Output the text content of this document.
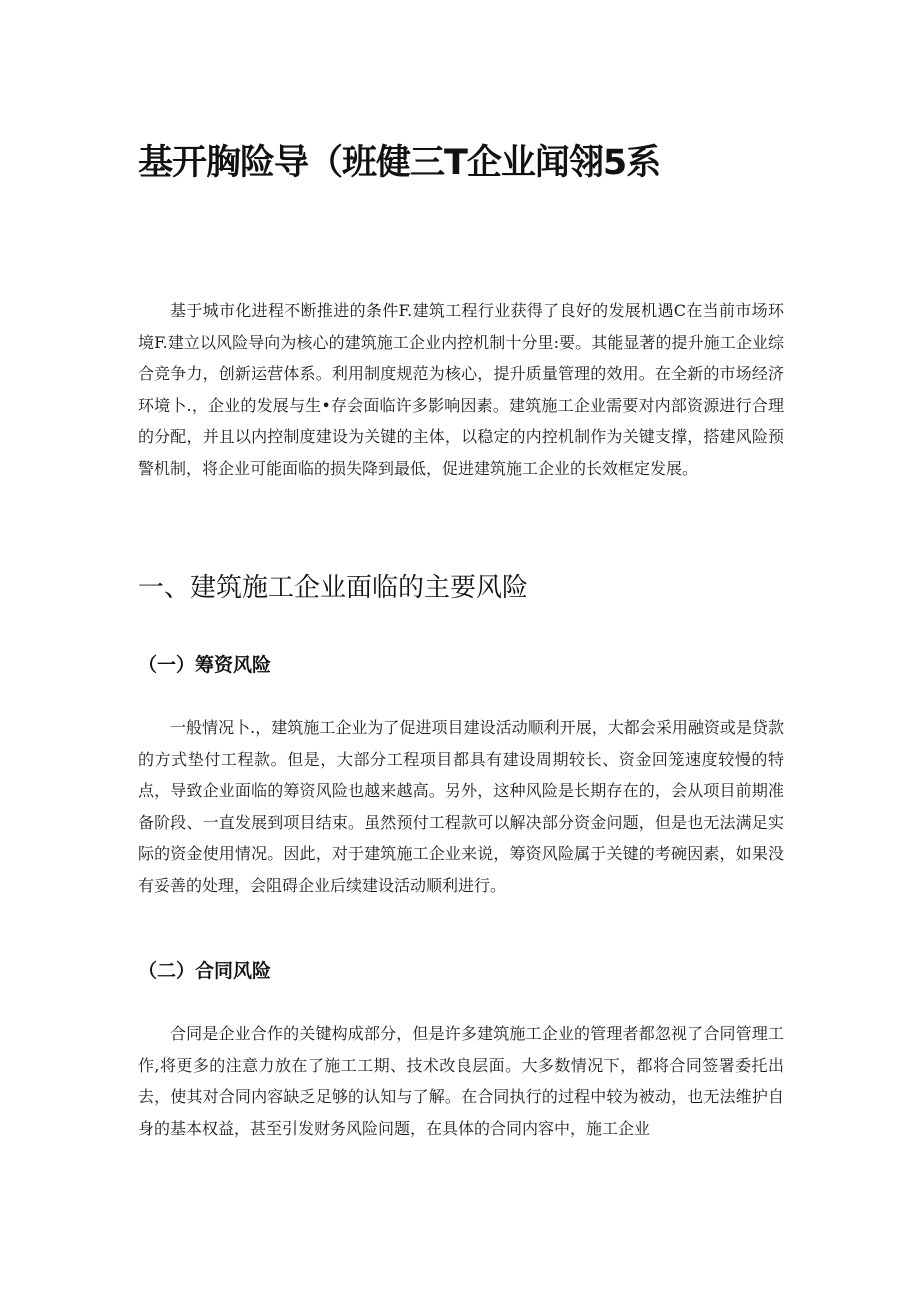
基开胸险导（班健三T企业闻翎5系

基于城市化进程不断推进的条件F.建筑工程行业获得了良好的发展机遇C在当前市场环境F.建立以风险导向为核心的建筑施工企业内控机制十分里:要。其能显著的提升施工企业综合竞争力，创新运营体系。利用制度规范为核心，提升质量管理的效用。在全新的市场经济环境卜.，企业的发展与生•存会面临许多影响因素。建筑施工企业需要对内部资源进行合理的分配，并且以内控制度建设为关键的主体，以稳定的内控机制作为关键支撑，搭建风险预警机制，将企业可能面临的损失降到最低，促进建筑施工企业的长效框定发展。

一、建筑施工企业面临的主要风险
（一）筹资风险

一般情况卜.，建筑施工企业为了促进项目建设活动顺利开展，大都会采用融资或是贷款的方式垫付工程款。但是，大部分工程项目都具有建设周期较长、资金回笼速度较慢的特点，导致企业面临的筹资风险也越来越高。另外，这种风险是长期存在的，会从项目前期准备阶段、一直发展到项目结束。虽然预付工程款可以解决部分资金问题，但是也无法满足实际的资金使用情况。因此，对于建筑施工企业来说，筹资风险属于关键的考碗因素，如果没有妥善的处理，会阻碍企业后续建设活动顺利进行。

（二）合同风险

合同是企业合作的关键构成部分，但是许多建筑施工企业的管理者都忽视了合同管理工作,将更多的注意力放在了施工工期、技术改良层面。大多数情况下，都将合同签署委托出去，使其对合同内容缺乏足够的认知与了解。在合同执行的过程中较为被动，也无法维护自身的基本权益，甚至引发财务风险问题，在具体的合同内容中，施工企业
